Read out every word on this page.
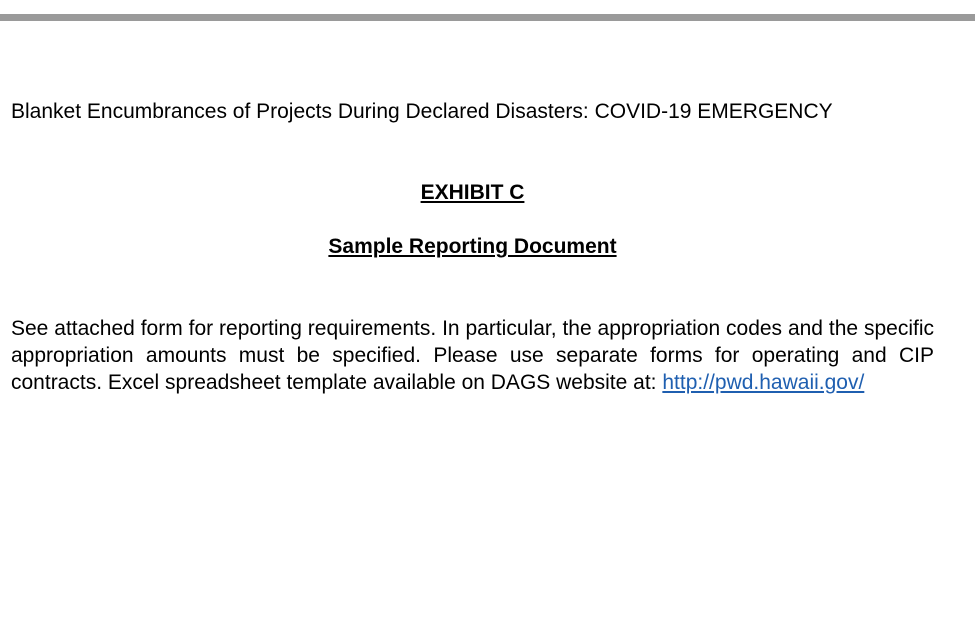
Blanket Encumbrances of Projects During Declared Disasters: COVID-19 EMERGENCY
EXHIBIT C
Sample Reporting Document

See attached form for reporting requirements. In particular, the appropriation codes and the specific appropriation amounts must be specified. Please use separate forms for operating and CIP contracts. Excel spreadsheet template available on DAGS website at: http://pwd.hawaii.gov/
